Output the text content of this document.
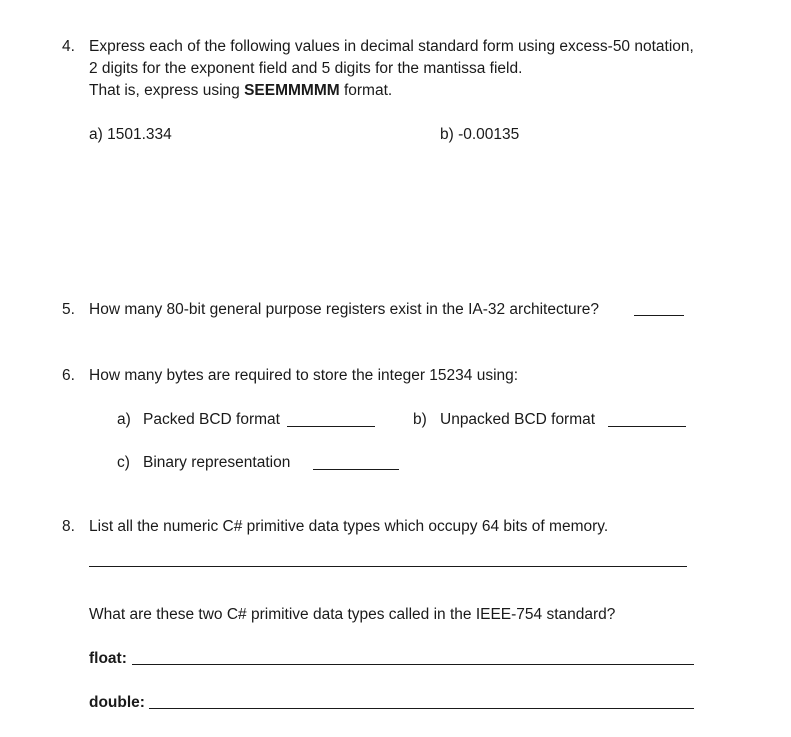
4. Express each of the following values in decimal standard form using excess-50 notation,
2 digits for the exponent field and 5 digits for the mantissa field.
That is, express using SEEMMMMM format.
a) 1501.334	b) -0.00135
5. How many 80-bit general purpose registers exist in the IA-32 architecture?
6. How many bytes are required to store the integer 15234 using:
a) Packed BCD format	b) Unpacked BCD format
c) Binary representation
8. List all the numeric C# primitive data types which occupy 64 bits of memory.
What are these two C# primitive data types called in the IEEE-754 standard?
float:
double:
